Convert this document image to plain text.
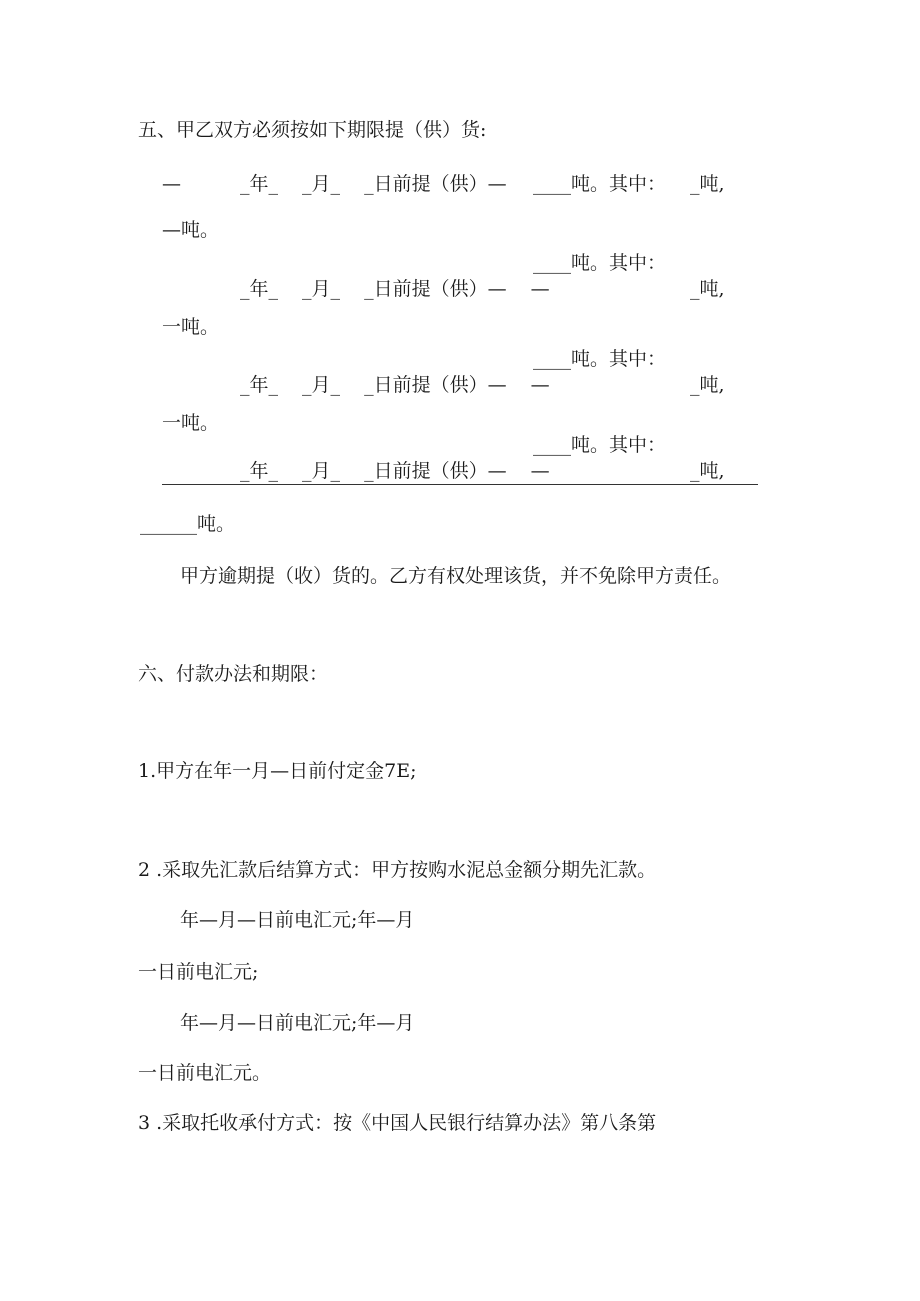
五、甲乙双方必须按如下期限提（供）货:
—	_年_ _月_ _日前提（供）— ____吨。其中： _吨,
—吨。
____吨。其中：
_年_ _月_ _日前提（供）— —	_吨,
一吨。
____吨。其中：
_年_ _月_ _日前提（供）— —	_吨,
一吨。
____吨。其中：
_年_ _月_ _日前提（供）— —	_吨,
______吨。
甲方逾期提（收）货的。乙方有权处理该货，并不免除甲方责任。
六、付款办法和期限：
1.甲方在年一月—日前付定金7E;
2 .采取先汇款后结算方式：甲方按购水泥总金额分期先汇款。
年—月—日前电汇元;年—月
一日前电汇元;
年—月—日前电汇元;年—月
一日前电汇元。
3 .采取托收承付方式：按《中国人民银行结算办法》第八条第
